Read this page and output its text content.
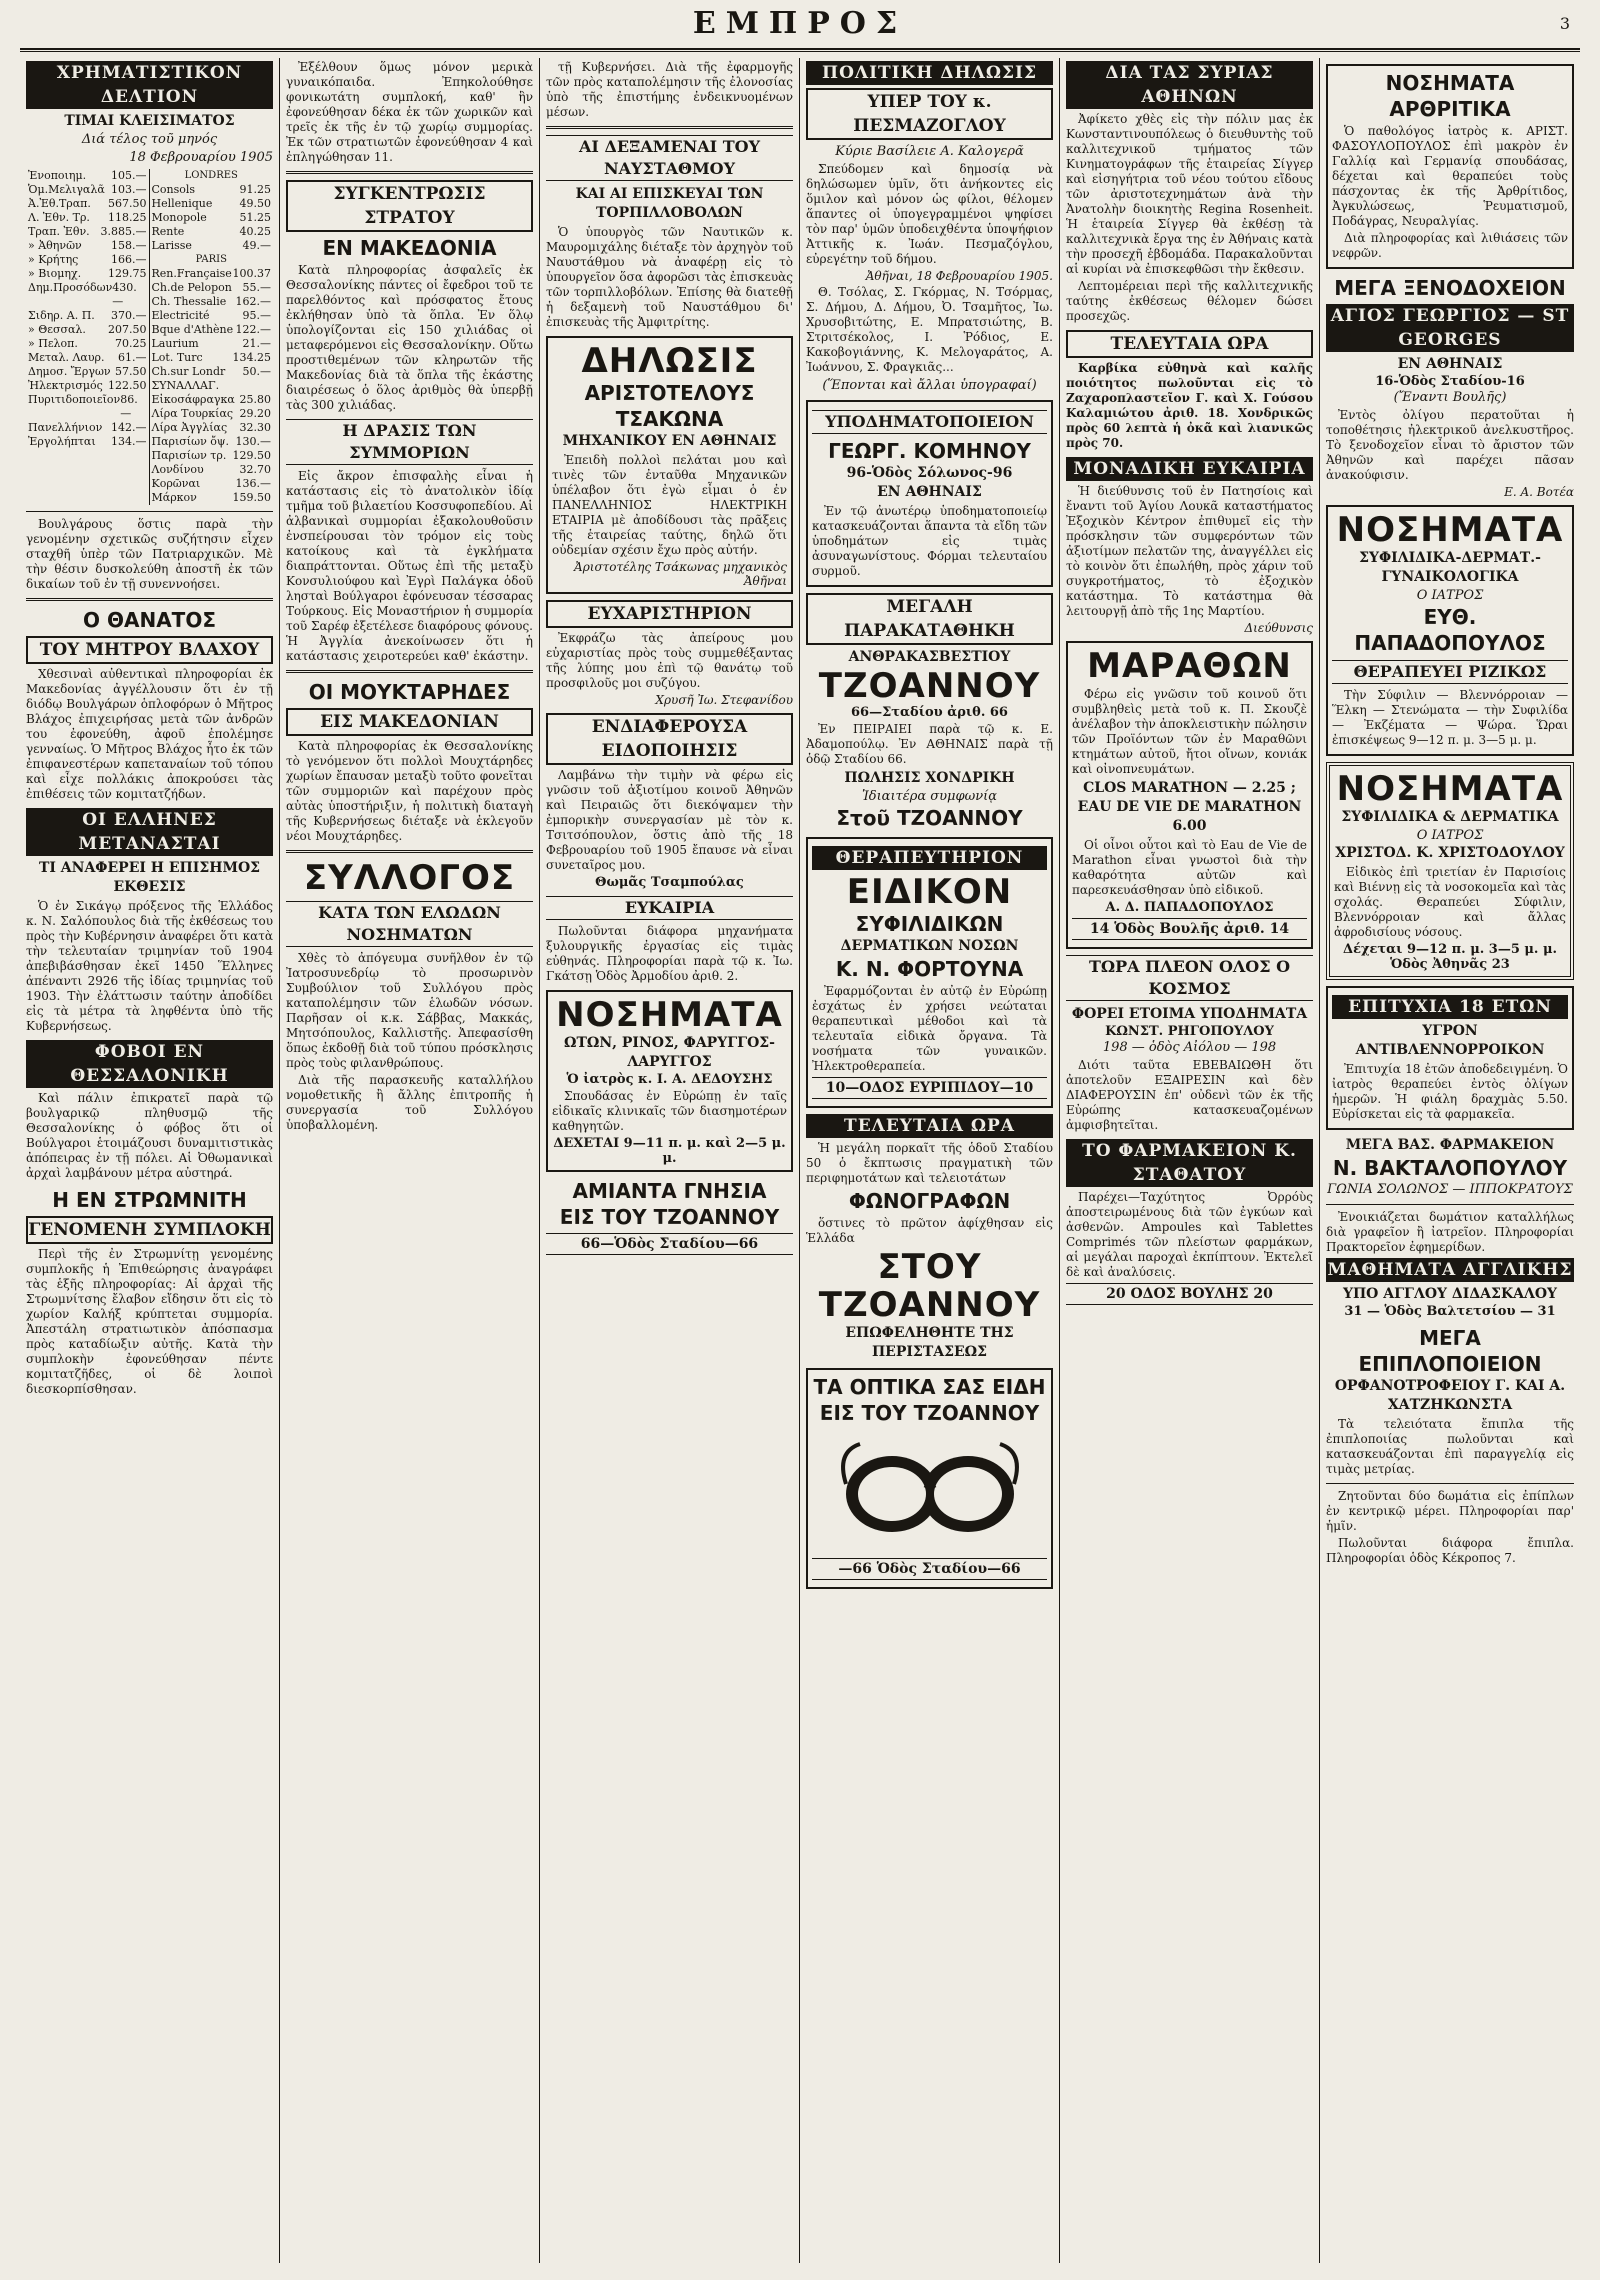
ΕΜΠΡΟΣ	3
ΧΡΗΜΑΤΙΣΤΙΚΟΝ ΔΕΛΤΙΟΝ
ΤΙΜΑΙ ΚΛΕΙΣΙΜΑΤΟΣ
Διά τέλος τοῦ μηνός
18 Φεβρουαρίου 1905
Ἐνοποιημ. 105.—
Ὁμ.Μελιγαλᾶ 103.—
Ἀ.Ἐθ.Τραπ. 567.50
Λ. Ἐθν. Τρ. 118.25
Τραπ. Ἐθν. 3.885.—
» Ἀθηνῶν	158.—
» Κρήτης	166.—
» Βιομηχ. 129.75
Δημ.Προσόδων 430.—
Σιδηρ. Α. Π. 370.—
» Θεσσαλ. 207.50
» Πελοπ.	70.25
Μεταλ. Λαυρ. 61.—
Δημοσ. Ἔργων 57.50
Ἠλεκτρισμός 122.50
Πυριτιδοποιεῖον 86.—
Πανελλήνιον 142.—
Ἐργολήπται 134.—
LONDRES
Consols	91.25
Hellenique 49.50
Monopole	51.25
Rente	40.25
Larisse	49.—
PARIS
Ren.Française 100.37
Ch.de Pelopon 55.—
Ch. Thessalie 162.—
Electricité	95.—
Bque d'Athène 122.—
Laurium	21.—
Lot. Turc	134.25
Ch.sur Londr 50.—
ΣΥΝΑΛΛΑΓ.
Εἰκοσάφραγκα 25.80
Λίρα Τουρκίας 29.20
Λίρα Ἀγγλίας 32.30
Παρισίων ὄψ. 130.—
Παρισίων τρ. 129.50
Λονδίνου	32.70
Κορῶναι	136.—
Μάρκον	159.50
Βουλγάρους ὅστις παρὰ τὴν γενομένην σχετικῶς συζήτησιν εἶχεν σταχθῆ ὑπὲρ τῶν Πατριαρχικῶν. Μὲ τὴν θέσιν δυσκολεύθη ἀποστῆ ἐκ τῶν δικαίων τοῦ ἐν τῇ συνεννοήσει.
Ο ΘΑΝΑΤΟΣ
ΤΟΥ ΜΗΤΡΟΥ ΒΛΑΧΟΥ
Χθεσιναὶ αὐθεντικαὶ πληροφορίαι ἐκ Μακεδονίας ἀγγέλλουσιν ὅτι ἐν τῇ διόδῳ Βουλγάρων ὁπλοφόρων ὁ Μῆτρος Βλάχος ἐπιχειρήσας μετὰ τῶν ἀνδρῶν του ἐφονεύθη, ἀφοῦ ἐπολέμησε γενναίως. Ὁ Μῆτρος Βλάχος ἦτο ἐκ τῶν ἐπιφανεστέρων καπεταναίων τοῦ τόπου καὶ εἶχε πολλάκις ἀποκρούσει τὰς ἐπιθέσεις τῶν κομιτατζήδων.
ΟΙ ΕΛΛΗΝΕΣ ΜΕΤΑΝΑΣΤΑΙ
ΤΙ ΑΝΑΦΕΡΕΙ Η ΕΠΙΣΗΜΟΣ ΕΚΘΕΣΙΣ
Ὁ ἐν Σικάγῳ πρόξενος τῆς Ἑλλάδος κ. Ν. Σαλόπουλος διὰ τῆς ἐκθέσεως του πρὸς τὴν Κυβέρνησιν ἀναφέρει ὅτι κατὰ τὴν τελευταίαν τριμηνίαν τοῦ 1904 ἀπεβιβάσθησαν ἐκεῖ 1450 Ἕλληνες ἀπέναντι 2926 τῆς ἰδίας τριμηνίας τοῦ 1903. Τὴν ἐλάττωσιν ταύτην ἀποδίδει εἰς τὰ μέτρα τὰ ληφθέντα ὑπὸ τῆς Κυβερνήσεως.
ΦΟΒΟΙ ΕΝ ΘΕΣΣΑΛΟΝΙΚΗ
Καὶ πάλιν ἐπικρατεῖ παρὰ τῷ βουλγαρικῷ πληθυσμῷ τῆς Θεσσαλονίκης ὁ φόβος ὅτι οἱ Βούλγαροι ἑτοιμάζουσι δυναμιτιστικὰς ἀπόπειρας ἐν τῇ πόλει. Αἱ Ὀθωμανικαὶ ἀρχαὶ λαμβάνουν μέτρα αὐστηρά.
Η ΕΝ ΣΤΡΩΜΝΙΤΗ
ΓΕΝΟΜΕΝΗ ΣΥΜΠΛΟΚΗ
Περὶ τῆς ἐν Στρωμνίτῃ γενομένης συμπλοκῆς ἡ Ἐπιθεώρησις ἀναγράφει τὰς ἑξῆς πληροφορίας: Αἱ ἀρχαὶ τῆς Στρωμνίτσης ἔλαβον εἴδησιν ὅτι εἰς τὸ χωρίον Καλήξ κρύπτεται συμμορία. Ἀπεστάλη στρατιωτικὸν ἀπόσπασμα πρὸς καταδίωξιν αὐτῆς. Κατὰ τὴν συμπλοκὴν ἐφονεύθησαν πέντε κομιτατζῆδες, οἱ δὲ λοιποὶ διεσκορπίσθησαν.
Ἐξέλθουν ὅμως μόνον μερικὰ γυναικόπαιδα. Ἐπηκολούθησε φονικωτάτη συμπλοκή, καθ' ἣν ἐφονεύθησαν δέκα ἐκ τῶν χωρικῶν καὶ τρεῖς ἐκ τῆς ἐν τῷ χωρίῳ συμμορίας. Ἐκ τῶν στρατιωτῶν ἐφονεύθησαν 4 καὶ ἐπληγώθησαν 11.
ΣΥΓΚΕΝΤΡΩΣΙΣ ΣΤΡΑΤΟΥ
ΕΝ ΜΑΚΕΔΟΝΙΑ
Κατὰ πληροφορίας ἀσφαλεῖς ἐκ Θεσσαλονίκης πάντες οἱ ἔφεδροι τοῦ τε παρελθόντος καὶ πρόσφατος ἔτους ἐκλήθησαν ὑπὸ τὰ ὅπλα. Ἐν ὅλῳ ὑπολογίζονται εἰς 150 χιλιάδας οἱ μεταφερόμενοι εἰς Θεσσαλονίκην. Οὕτω προστιθεμένων τῶν κληρωτῶν τῆς Μακεδονίας διὰ τὰ ὅπλα τῆς ἑκάστης διαιρέσεως ὁ ὅλος ἀριθμὸς θὰ ὑπερβῇ τὰς 300 χιλιάδας.
Η ΔΡΑΣΙΣ ΤΩΝ ΣΥΜΜΟΡΙΩΝ
Εἰς ἄκρον ἐπισφαλὴς εἶναι ἡ κατάστασις εἰς τὸ ἀνατολικὸν ἰδίᾳ τμῆμα τοῦ βιλαετίου Κοσσυφοπεδίου. Αἱ ἀλβανικαὶ συμμορίαι ἐξακολουθοῦσιν ἐνσπείρουσαι τὸν τρόμον εἰς τοὺς κατοίκους καὶ τὰ ἐγκλήματα διαπράττονται. Οὕτως ἐπὶ τῆς μεταξὺ Κονσυλιούφου καὶ Ἐγρὶ Παλάγκα ὁδοῦ λησταὶ Βούλγαροι ἐφόνευσαν τέσσαρας Τούρκους. Εἰς Μοναστήριον ἡ συμμορία τοῦ Σαρέφ ἐξετέλεσε διαφόρους φόνους. Ἡ Ἀγγλία ἀνεκοίνωσεν ὅτι ἡ κατάστασις χειροτερεύει καθ' ἑκάστην.
ΟΙ ΜΟΥΚΤΑΡΗΔΕΣ
ΕΙΣ ΜΑΚΕΔΟΝΙΑΝ
Κατὰ πληροφορίας ἐκ Θεσσαλονίκης τὸ γενόμενον ὅτι πολλοὶ Μουχτάρηδες χωρίων ἔπαυσαν μεταξὺ τοῦτο φονεῖται τῶν συμμοριῶν καὶ παρέχουν πρὸς αὐτὰς ὑποστήριξιν, ἡ πολιτικὴ διαταγὴ τῆς Κυβερνήσεως διέταξε νὰ ἐκλεγοῦν νέοι Μουχτάρηδες.
ΣΥΛΛΟΓΟΣ
ΚΑΤΑ ΤΩΝ ΕΛΩΔΩΝ ΝΟΣΗΜΑΤΩΝ
Χθὲς τὸ ἀπόγευμα συνῆλθον ἐν τῷ Ἰατροσυνεδρίῳ τὸ προσωρινὸν Συμβούλιον τοῦ Συλλόγου πρὸς καταπολέμησιν τῶν ἑλωδῶν νόσων. Παρῆσαν οἱ κ.κ. Σάββας, Μακκάς, Μητσόπουλος, Καλλιστῆς. Ἀπεφασίσθη ὅπως ἐκδοθῇ διὰ τοῦ τύπου πρόσκλησις πρὸς τοὺς φιλανθρώπους.
Διὰ τῆς παρασκευῆς καταλλήλου νομοθετικῆς ἢ ἄλλης ἐπιτροπῆς ἡ συνεργασία τοῦ Συλλόγου ὑποβαλλομένη.
τῇ Κυβερνήσει. Διὰ τῆς ἐφαρμογῆς τῶν πρὸς καταπολέμησιν τῆς ἐλονοσίας ὑπὸ τῆς ἐπιστήμης ἐνδεικνυομένων μέσων.
ΑΙ ΔΕΞΑΜΕΝΑΙ ΤΟΥ ΝΑΥΣΤΑΘΜΟΥ
ΚΑΙ ΑΙ ΕΠΙΣΚΕΥΑΙ ΤΩΝ ΤΟΡΠΙΛΛΟΒΟΛΩΝ
Ὁ ὑπουργὸς τῶν Ναυτικῶν κ. Μαυρομιχάλης διέταξε τὸν ἀρχηγὸν τοῦ Ναυστάθμου νὰ ἀναφέρῃ εἰς τὸ ὑπουργεῖον ὅσα ἀφορῶσι τὰς ἐπισκευὰς τῶν τορπιλλοβόλων. Ἐπίσης θὰ διατεθῇ ἡ δεξαμενὴ τοῦ Ναυστάθμου δι' ἐπισκευὰς τῆς Ἀμφιτρίτης.
ΔΗΛΩΣΙΣ
ΑΡΙΣΤΟΤΕΛΟΥΣ ΤΣΑΚΩΝΑ
ΜΗΧΑΝΙΚΟΥ ΕΝ ΑΘΗΝΑΙΣ
Ἐπειδὴ πολλοὶ πελάται μου καὶ τινὲς τῶν ἐνταῦθα Μηχανικῶν ὑπέλαβον ὅτι ἐγὼ εἶμαι ὁ ἐν ΠΑΝΕΛΛΗΝΙΟΣ ΗΛΕΚΤΡΙΚΗ ΕΤΑΙΡΙΑ μὲ ἀποδίδουσι τὰς πρᾶξεις τῆς ἑταιρείας ταύτης, δηλῶ ὅτι οὐδεμίαν σχέσιν ἔχω πρὸς αὐτήν.
Ἀριστοτέλης Τσάκωνας μηχανικὸς Ἀθῆναι
ΕΥΧΑΡΙΣΤΗΡΙΟΝ
Ἐκφράζω τὰς ἀπείρους μου εὐχαριστίας πρὸς τοὺς συμμεθέξαντας τῆς λύπης μου ἐπὶ τῷ θανάτῳ τοῦ προσφιλοῦς μοι συζύγου.
Χρυσῆ Ἰω. Στεφανίδου
ΕΝΔΙΑΦΕΡΟΥΣΑ ΕΙΔΟΠΟΙΗΣΙΣ
Λαμβάνω τὴν τιμὴν νὰ φέρω εἰς γνῶσιν τοῦ ἀξιοτίμου κοινοῦ Ἀθηνῶν καὶ Πειραιῶς ὅτι διεκόψαμεν τὴν ἐμπορικὴν συνεργασίαν μὲ τὸν κ. Τσιτσόπουλον, ὅστις ἀπὸ τῆς 18 Φεβρουαρίου τοῦ 1905 ἔπαυσε νὰ εἶναι συνεταῖρος μου.
Θωμᾶς Τσαμπούλας
ΕΥΚΑΙΡΙΑ
Πωλοῦνται διάφορα μηχανήματα ξυλουργικῆς ἐργασίας εἰς τιμὰς εὐθηνάς. Πληροφορίαι παρὰ τῷ κ. Ἰω. Γκάτσῃ Ὁδὸς Ἀρμοδίου ἀριθ. 2.
ΝΟΣΗΜΑΤΑ
ΩΤΩΝ, ΡΙΝΟΣ, ΦΑΡΥΓΓΟΣ-ΛΑΡΥΓΓΟΣ
Ὁ ἰατρὸς κ. Ι. Α. ΔΕΔΟΥΣΗΣ
Σπουδάσας ἐν Εὐρώπῃ ἐν ταῖς εἰδικαῖς κλινικαῖς τῶν διασημοτέρων καθηγητῶν.
ΔΕΧΕΤΑΙ 9—11 π. μ. καὶ 2—5 μ. μ.
ΑΜΙΑΝΤΑ ΓΝΗΣΙΑ
ΕΙΣ ΤΟΥ ΤΖΟΑΝΝΟΥ
66—Ὁδὸς Σταδίου—66
ΠΟΛΙΤΙΚΗ ΔΗΛΩΣΙΣ
ΥΠΕΡ ΤΟΥ κ. ΠΕΣΜΑΖΟΓΛΟΥ
Κύριε Βασίλειε Α. Καλογερᾶ
Σπεύδομεν καὶ δημοσίᾳ νὰ δηλώσωμεν ὑμῖν, ὅτι ἀνήκοντες εἰς ὅμιλον καὶ μόνον ὡς φίλοι, θέλομεν ἅπαντες οἱ ὑπογεγραμμένοι ψηφίσει τὸν παρ' ὑμῶν ὑποδειχθέντα ὑποψήφιον Ἀττικῆς κ. Ἰωάν. Πεσμαζόγλου, εὐρεγέτην τοῦ δήμου.
Ἀθῆναι, 18 Φεβρουαρίου 1905.
Θ. Τσόλας, Σ. Γκόρμας, Ν. Τσόρμας, Σ. Δήμου, Δ. Δήμου, Ὀ. Τσαμῆτος, Ἰω. Χρυσοβιτώτης, Ε. Μπρατσιώτης, Β. Στριτσέκολος, Ι. Ῥόδιος, Ε. Κακοβογιάννης, Κ. Μελογαράτος, Α. Ἰωάννου, Σ. Φραγκιᾶς...
(Ἕπονται καὶ ἄλλαι ὑπογραφαί)
ΥΠΟΔΗΜΑΤΟΠΟΙΕΙΟΝ
ΓΕΩΡΓ. ΚΟΜΗΝΟΥ
96-Ὁδὸς Σόλωνος-96
ΕΝ ΑΘΗΝΑΙΣ
Ἐν τῷ ἀνωτέρῳ ὑποδηματοποιείῳ κατασκευάζονται ἅπαντα τὰ εἴδη τῶν ὑποδημάτων εἰς τιμὰς ἀσυναγωνίστους. Φόρμαι τελευταίου συρμοῦ.
ΜΕΓΑΛΗ ΠΑΡΑΚΑΤΑΘΗΚΗ
ΑΝΘΡΑΚΑΣΒΕΣΤΙΟΥ
ΤΖΟΑΝΝΟΥ
66—Σταδίου ἀριθ. 66
Ἐν ΠΕΙΡΑΙΕΙ παρὰ τῷ κ. Ε. Ἀδαμοπούλῳ. Ἐν ΑΘΗΝΑΙΣ παρὰ τῇ ὁδῷ Σταδίου 66.
ΠΩΛΗΣΙΣ ΧΟΝΔΡΙΚΗ
Ἰδιαιτέρα συμφωνίᾳ
Στοῦ ΤΖΟΑΝΝΟΥ
ΘΕΡΑΠΕΥΤΗΡΙΟΝ
ΕΙΔΙΚΟΝ
ΣΥΦΙΛΙΔΙΚΩΝ
ΔΕΡΜΑΤΙΚΩΝ ΝΟΣΩΝ
Κ. Ν. ΦΟΡΤΟΥΝΑ
Ἐφαρμόζονται ἐν αὐτῷ ἐν Εὐρώπῃ ἐσχάτως ἐν χρήσει νεώταται θεραπευτικαὶ μέθοδοι καὶ τὰ τελευταῖα εἰδικὰ ὄργανα. Τὰ νοσήματα τῶν γυναικῶν. Ἠλεκτροθεραπεία.
10—ΟΔΟΣ ΕΥΡΙΠΙΔΟΥ—10
ΤΕΛΕΥΤΑΙΑ ΩΡΑ
Ἡ μεγάλη πορκαῖτ τῆς ὁδοῦ Σταδίου 50 ὁ ἔκπτωσις πραγματικὴ τῶν περιφημοτάτων καὶ τελειοτάτων
ΦΩΝΟΓΡΑΦΩΝ
ὅστινες τὸ πρῶτον ἀφίχθησαν εἰς Ἑλλάδα
ΣΤΟΥ ΤΖΟΑΝΝΟΥ
ΕΠΩΦΕΛΗΘΗΤΕ ΤΗΣ ΠΕΡΙΣΤΑΣΕΩΣ
ΤΑ ΟΠΤΙΚΑ ΣΑΣ ΕΙΔΗ
ΕΙΣ ΤΟΥ ΤΖΟΑΝΝΟΥ
—66 Ὁδὸς Σταδίου—66
ΔΙΑ ΤΑΣ ΣΥΡΙΑΣ ΑΘΗΝΩΝ
Ἀφίκετο χθὲς εἰς τὴν πόλιν μας ἐκ Κωνσταντινουπόλεως ὁ διευθυντὴς τοῦ καλλιτεχνικοῦ τμήματος τῶν Κινηματογράφων τῆς ἑταιρείας Σίγγερ καὶ εἰσηγήτρια τοῦ νέου τούτου εἴδους τῶν ἀριστοτεχνημάτων ἀνὰ τὴν Ἀνατολὴν διοικητὴς Regina Rosenheit. Ἡ ἑταιρεία Σίγγερ θὰ ἐκθέσῃ τὰ καλλιτεχνικὰ ἔργα της ἐν Ἀθήναις κατὰ τὴν προσεχῆ ἑβδομάδα. Παρακαλοῦνται αἱ κυρίαι νὰ ἐπισκεφθῶσι τὴν ἔκθεσιν.
Λεπτομέρειαι περὶ τῆς καλλιτεχνικῆς ταύτης ἐκθέσεως θέλομεν δώσει προσεχῶς.
ΤΕΛΕΥΤΑΙΑ ΩΡΑ
Καρβίκα εὐθηνὰ καὶ καλῆς ποιότητος πωλοῦνται εἰς τὸ Ζαχαροπλαστεῖον Γ. καὶ Χ. Γούσου Καλαμιώτου ἀριθ. 18. Χονδρικῶς πρὸς 60 λεπτὰ ἡ ὀκᾶ καὶ λιανικῶς πρὸς 70.
ΜΟΝΑΔΙΚΗ ΕΥΚΑΙΡΙΑ
Ἡ διεύθυνσις τοῦ ἐν Πατησίοις καὶ ἔναντι τοῦ Ἁγίου Λουκᾶ καταστήματος Ἐξοχικὸν Κέντρον ἐπιθυμεῖ εἰς τὴν πρόσκλησιν τῶν συμφερόντων τῶν ἀξιοτίμων πελατῶν της, ἀναγγέλλει εἰς τὸ κοινὸν ὅτι ἐπωλήθη, πρὸς χάριν τοῦ συγκροτήματος, τὸ ἐξοχικὸν κατάστημα. Τὸ κατάστημα θὰ λειτουργῇ ἀπὸ τῆς 1ης Μαρτίου.
Διεύθυνσις
ΜΑΡΑΘΩΝ
Φέρω εἰς γνῶσιν τοῦ κοινοῦ ὅτι συμβληθεὶς μετὰ τοῦ κ. Π. Σκουζὲ ἀνέλαβον τὴν ἀποκλειστικὴν πώλησιν τῶν Προϊόντων τῶν ἐν Μαραθῶνι κτημάτων αὐτοῦ, ἤτοι οἴνων, κονιάκ καὶ οἰνοπνευμάτων.
CLOS MARATHON — 2.25 ; EAU DE VIE DE MARATHON 6.00
Οἱ οἶνοι οὗτοι καὶ τὸ Eau de Vie de Marathon εἶναι γνωστοὶ διὰ τὴν καθαρότητα αὐτῶν καὶ παρεσκευάσθησαν ὑπὸ εἰδικοῦ.
Α. Δ. ΠΑΠΑΔΟΠΟΥΛΟΣ
14 Ὁδὸς Βουλῆς ἀριθ. 14
ΤΩΡΑ ΠΛΕΟΝ ΟΛΟΣ Ο ΚΟΣΜΟΣ
ΦΟΡΕΙ ΕΤΟΙΜΑ ΥΠΟΔΗΜΑΤΑ
ΚΩΝΣΤ. ΡΗΓΟΠΟΥΛΟΥ
198 — ὁδὸς Αἰόλου — 198
Διότι ταῦτα ΕΒΕΒΑΙΩΘΗ ὅτι ἀποτελοῦν ΕΞΑΙΡΕΣΙΝ καὶ δὲν ΔΙΑΦΕΡΟΥΣΙΝ ἐπ' οὐδενὶ τῶν ἐκ τῆς Εὐρώπης κατασκευαζομένων ἀμφισβητεῖται.
ΤΟ ΦΑΡΜΑΚΕΙΟΝ Κ. ΣΤΑΘΑΤΟΥ
Παρέχει—Ταχύτητος Ὀρρόὺς ἀποστειρωμένους διὰ τῶν ἐγκύων καὶ ἀσθενῶν. Ampoules καὶ Tablettes Comprimés τῶν πλείστων φαρμάκων, αἱ μεγάλαι παροχαὶ ἐκπίπτουν. Ἐκτελεῖ δὲ καὶ ἀναλύσεις.
20 ΟΔΟΣ ΒΟΥΛΗΣ 20
ΝΟΣΗΜΑΤΑ ΑΡΘΡΙΤΙΚΑ
Ὁ παθολόγος ἰατρὸς κ. ΑΡΙΣΤ. ΦΑΣΟΥΛΟΠΟΥΛΟΣ ἐπὶ μακρὸν ἐν Γαλλίᾳ καὶ Γερμανίᾳ σπουδάσας, δέχεται καὶ θεραπεύει τοὺς πάσχοντας ἐκ τῆς Ἀρθρίτιδος, Ἀγκυλώσεως, Ῥευματισμοῦ, Ποδάγρας, Νευραλγίας.
Διὰ πληροφορίας καὶ λιθιάσεις τῶν νεφρῶν.
ΜΕΓΑ ΞΕΝΟΔΟΧΕΙΟΝ
ΑΓΙΟΣ ΓΕΩΡΓΙΟΣ — ST GEORGES
ΕΝ ΑΘΗΝΑΙΣ
16-Ὁδὸς Σταδίου-16
(Ἔναντι Βουλῆς)
Ἐντὸς ὀλίγου περατοῦται ἡ τοποθέτησις ἠλεκτρικοῦ ἀνελκυστῆρος. Τὸ ξενοδοχεῖον εἶναι τὸ ἄριστον τῶν Ἀθηνῶν καὶ παρέχει πᾶσαν ἀνακούφισιν.
Ε. Α. Βοτέα
ΝΟΣΗΜΑΤΑ
ΣΥΦΙΛΙΔΙΚΑ-ΔΕΡΜΑΤ.-ΓΥΝΑΙΚΟΛΟΓΙΚΑ
Ο ΙΑΤΡΟΣ
ΕΥΘ. ΠΑΠΑΔΟΠΟΥΛΟΣ
ΘΕΡΑΠΕΥΕΙ ΡΙΖΙΚΩΣ
Τὴν Σύφιλιν — Βλεννόρροιαν — Ἕλκη — Στενώματα — τὴν Συφιλίδα — Ἐκζέματα — Ψώρα. Ὥραι ἐπισκέψεως 9—12 π. μ. 3—5 μ. μ.
ΝΟΣΗΜΑΤΑ
ΣΥΦΙΛΙΔΙΚΑ & ΔΕΡΜΑΤΙΚΑ
Ο ΙΑΤΡΟΣ
ΧΡΙΣΤΟΔ. Κ. ΧΡΙΣΤΟΔΟΥΛΟΥ
Εἰδικὸς ἐπὶ τριετίαν ἐν Παρισίοις καὶ Βιέννῃ εἰς τὰ νοσοκομεῖα καὶ τὰς σχολάς. Θεραπεύει Σύφιλιν, Βλεννόρροιαν καὶ ἄλλας ἀφροδισίους νόσους.
Δέχεται 9—12 π. μ. 3—5 μ. μ.
Ὁδὸς Ἀθηνᾶς 23
ΕΠΙΤΥΧΙΑ 18 ΕΤΩΝ
ΥΓΡΟΝ ΑΝΤΙΒΛΕΝΝΟΡΡΟΙΚΟΝ
Ἐπιτυχία 18 ἐτῶν ἀποδεδειγμένη. Ὁ ἰατρὸς θεραπεύει ἐντὸς ὀλίγων ἡμερῶν. Ἡ φιάλη δραχμὰς 5.50. Εὑρίσκεται εἰς τὰ φαρμακεῖα.
ΜΕΓΑ ΒΑΣ. ΦΑΡΜΑΚΕΙΟΝ
Ν. ΒΑΚΤΑΛΟΠΟΥΛΟΥ
ΓΩΝΙΑ ΣΟΛΩΝΟΣ — ΙΠΠΟΚΡΑΤΟΥΣ
Ἐνοικιάζεται δωμάτιον καταλλήλως διὰ γραφεῖον ἢ ἰατρεῖον. Πληροφορίαι Πρακτορεῖον ἐφημερίδων.
ΜΑΘΗΜΑΤΑ ΑΓΓΛΙΚΗΣ
ΥΠΟ ΑΓΓΛΟΥ ΔΙΔΑΣΚΑΛΟΥ
31 — Ὁδὸς Βαλτετσίου — 31
ΜΕΓΑ ΕΠΙΠΛΟΠΟΙΕΙΟΝ
ΟΡΦΑΝΟΤΡΟΦΕΙΟΥ Γ. ΚΑΙ Α. ΧΑΤΖΗΚΩΝΣΤΑ
Τὰ τελειότατα ἔπιπλα τῆς ἐπιπλοποιίας πωλοῦνται καὶ κατασκευάζονται ἐπὶ παραγγελίᾳ εἰς τιμὰς μετρίας.
Ζητοῦνται δύο δωμάτια εἰς ἐπίπλων ἐν κεντρικῷ μέρει. Πληροφορίαι παρ' ἡμῖν.
Πωλοῦνται διάφορα ἔπιπλα. Πληροφορίαι ὁδὸς Κέκροπος 7.
